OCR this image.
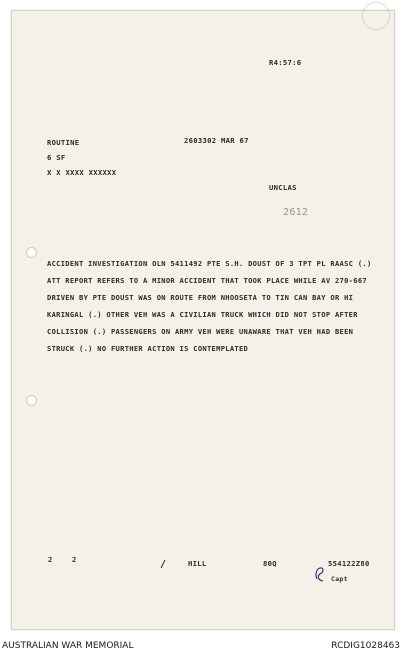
R4:57:6
ROUTINE	2603302 MAR 67
6 SF
X X XXXX XXXXXX
UNCLAS
2612
ACCIDENT INVESTIGATION OLN 5411492 PTE S.H. DOUST OF 3 TPT PL RAASC (.)
ATT REPORT REFERS TO A MINOR ACCIDENT THAT TOOK PLACE WHILE AV 270-667
DRIVEN BY PTE DOUST WAS ON ROUTE FROM NHOOSETA TO TIN CAN BAY OR HI
KARINGAL (.) OTHER VEH WAS A CIVILIAN TRUCK WHICH DID NOT STOP AFTER
COLLISION (.) PASSENGERS ON ARMY VEH WERE UNAWARE THAT VEH HAD BEEN
STRUCK (.) NO FURTHER ACTION IS CONTEMPLATED
2	2	/	HILL	80Q	554122Z80
Capt
AUSTRALIAN WAR MEMORIAL	RCDIG1028463
